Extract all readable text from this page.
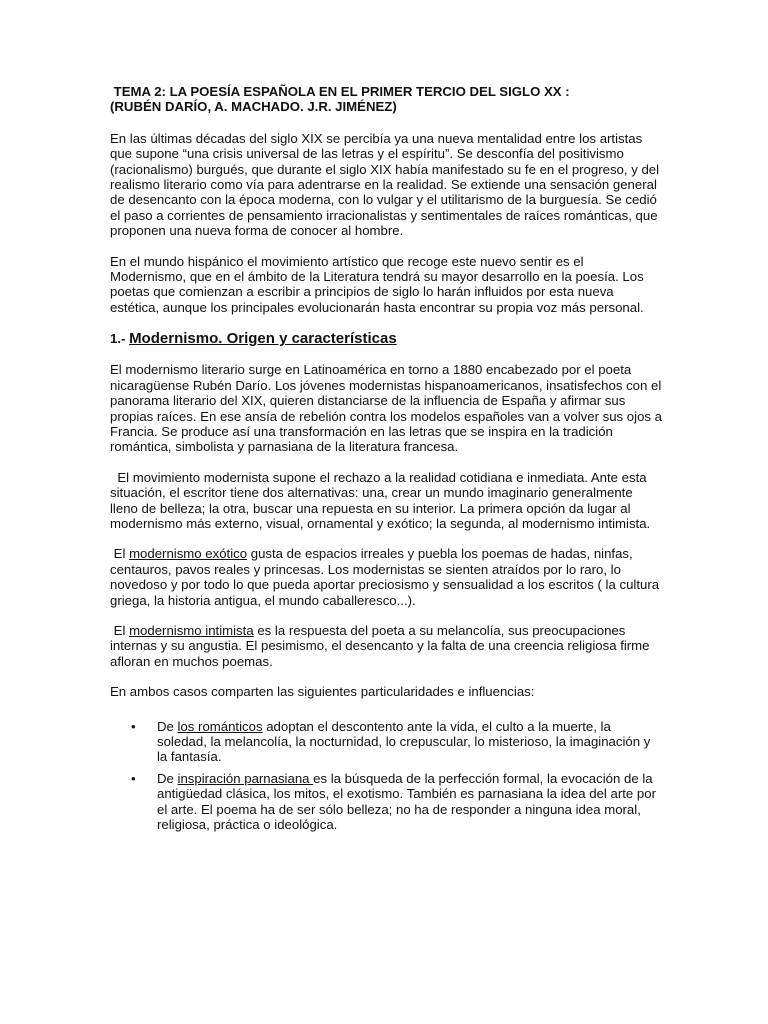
TEMA 2: LA POESÍA ESPAÑOLA EN EL PRIMER TERCIO DEL SIGLO XX :
(RUBÉN DARÍO, A. MACHADO. J.R. JIMÉNEZ)

En las últimas décadas del siglo XIX se percibía ya una nueva mentalidad entre los artistas que supone “una crisis universal de las letras y el espíritu”. Se desconfía del positivismo (racionalismo) burgués, que durante el siglo XIX había manifestado su fe en el progreso, y del realismo literario como vía para adentrarse en la realidad. Se extiende una sensación general de desencanto con la época moderna, con lo vulgar y el utilitarismo de la burguesía. Se cedió el paso a corrientes de pensamiento irracionalistas y sentimentales de raíces románticas, que proponen una nueva forma de conocer al hombre.

En el mundo hispánico el movimiento artístico que recoge este nuevo sentir es el Modernismo, que en el ámbito de la Literatura tendrá su mayor desarrollo en la poesía. Los poetas que comienzan a escribir a principios de siglo lo harán influidos por esta nueva estética, aunque los principales evolucionarán hasta encontrar su propia voz más personal.

1.- Modernismo. Origen y características

El modernismo literario surge en Latinoamérica en torno a 1880 encabezado por el poeta nicaragüense Rubén Darío. Los jóvenes modernistas hispanoamericanos, insatisfechos con el panorama literario del XIX, quieren distanciarse de la influencia de España y afirmar sus propias raíces. En ese ansía de rebelión contra los modelos españoles van a volver sus ojos a Francia. Se produce así una transformación en las letras que se inspira en la tradición romántica, simbolista y parnasiana de la literatura francesa.

El movimiento modernista supone el rechazo a la realidad cotidiana e inmediata. Ante esta situación, el escritor tiene dos alternativas: una, crear un mundo imaginario generalmente lleno de belleza; la otra, buscar una repuesta en su interior. La primera opción da lugar al modernismo más externo, visual, ornamental y exótico; la segunda, al modernismo intimista.

El modernismo exótico gusta de espacios irreales y puebla los poemas de hadas, ninfas, centauros, pavos reales y princesas. Los modernistas se sienten atraídos por lo raro, lo novedoso y por todo lo que pueda aportar preciosismo y sensualidad a los escritos ( la cultura griega, la historia antigua, el mundo caballeresco...).

El modernismo intimista es la respuesta del poeta a su melancolía, sus preocupaciones internas y su angustia. El pesimismo, el desencanto y la falta de una creencia religiosa firme afloran en muchos poemas.

En ambos casos comparten las siguientes particularidades e influencias:

• De los románticos adoptan el descontento ante la vida, el culto a la muerte, la soledad, la melancolía, la nocturnidad, lo crepuscular, lo misterioso, la imaginación y la fantasía.
• De inspiración parnasiana es la búsqueda de la perfección formal, la evocación de la antigüedad clásica, los mitos, el exotismo. También es parnasiana la idea del arte por el arte. El poema ha de ser sólo belleza; no ha de responder a ninguna idea moral, religiosa, práctica o ideológica.
